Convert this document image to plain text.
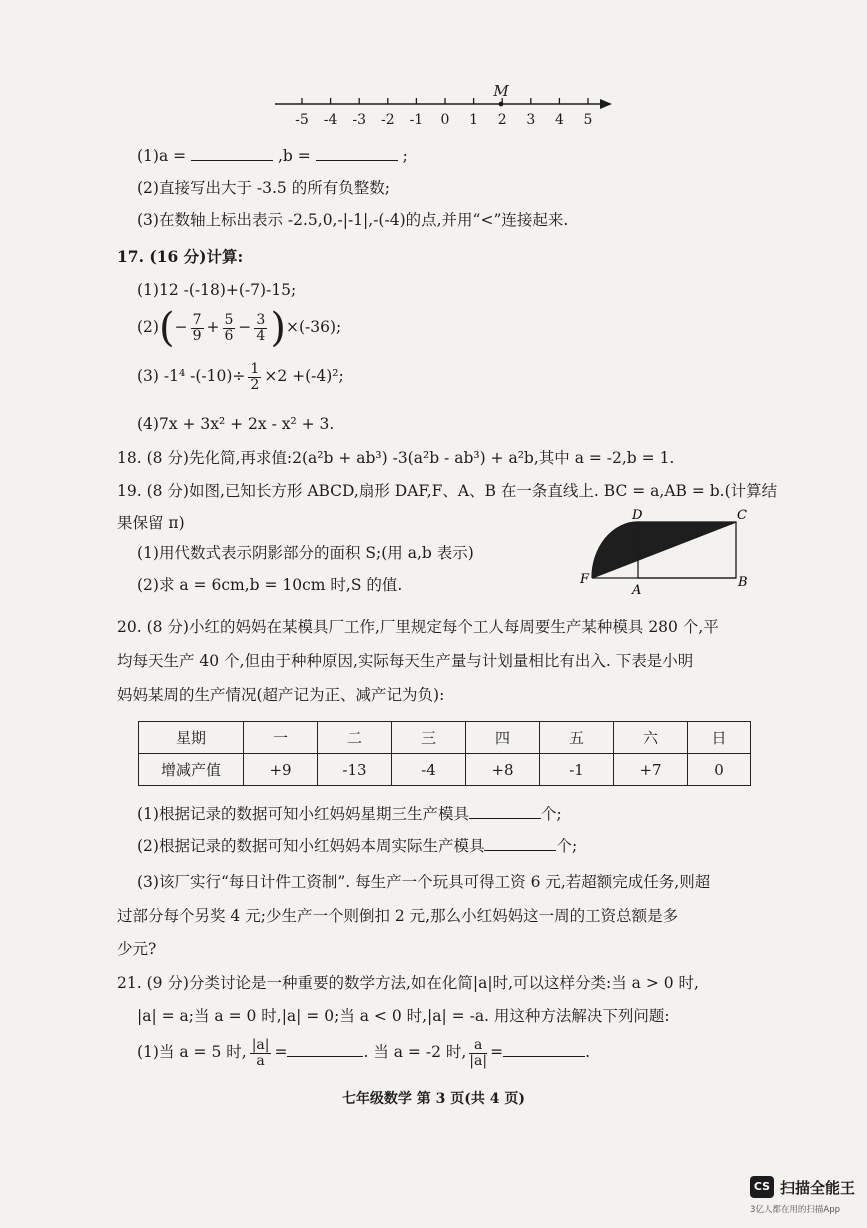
-5 -4 -3 -2 -1 0 1 2 3 4 5
M
(1)a =	,b =	;
(2)直接写出大于 -3.5 的所有负整数;
(3)在数轴上标出表示 -2.5,0,-|-1|,-(-4)的点,并用“<”连接起来.
17. (16 分)计算:
(1)12 -(-18)+(-7)-15;
$(2)(- \frac{7}{9} + \frac{5}{6} - \frac{3}{4} )\times(-36)$;
(3) -1⁴ $-(-10)\div \frac{1}{2} \times 2 +(-4)^2$;
(4)7x + 3x² + 2x - x² + 3.
18. (8 分)先化简,再求值:2(a²b + ab³) -3(a²b - ab³) + a²b,其中 a = -2,b = 1.
19. (8 分)如图,已知长方形 ABCD,扇形 DAF,F、A、B 在一条直线上. BC = a,AB = b.(计算结
果保留 π)
(1)用代数式表示阴影部分的面积 S;(用 a,b 表示)
(2)求 a = 6cm,b = 10cm 时,S 的值.
D	C
F
A
B
20. (8 分)小红的妈妈在某模具厂工作,厂里规定每个工人每周要生产某种模具 280 个,平
均每天生产 40 个,但由于种种原因,实际每天生产量与计划量相比有出入. 下表是小明
妈妈某周的生产情况(超产记为正、减产记为负):
星期	一	二	三	四	五	六	日
增减产值	+9	-13	-4	+8	-1	+7	0
(1)根据记录的数据可知小红妈妈星期三生产模具	个;
(2)根据记录的数据可知小红妈妈本周实际生产模具	个;
(3)该厂实行“每日计件工资制”. 每生产一个玩具可得工资 6 元,若超额完成任务,则超
过部分每个另奖 4 元;少生产一个则倒扣 2 元,那么小红妈妈这一周的工资总额是多
少元?
21. (9 分)分类讨论是一种重要的数学方法,如在化简|a|时,可以这样分类:当 a > 0 时,
|a| = a;当 a = 0 时,|a| = 0;当 a < 0 时,|a| = -a. 用这种方法解决下列问题:
(1)当 a = 5 时, $\frac{|a|}{a}$ =	. 当 a = -2 时, $\frac{a}{|a|}$ =	.
七年级数学 第 3 页(共 4 页)
CS 扫描全能王
3亿人都在用的扫描App
